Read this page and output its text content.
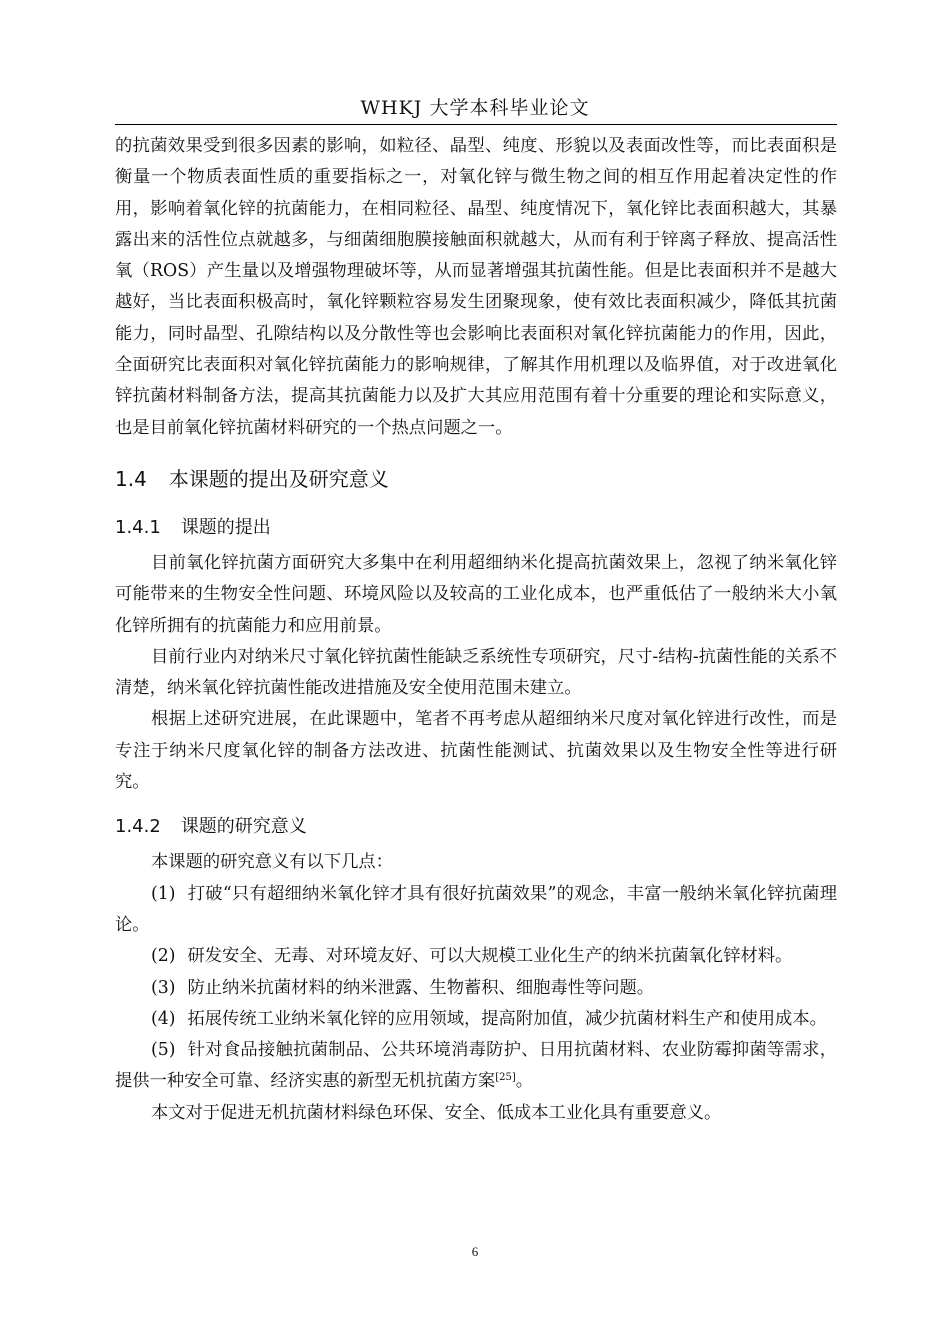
WHKJ 大学本科毕业论文

的抗菌效果受到很多因素的影响，如粒径、晶型、纯度、形貌以及表面改性等，而比表面积是衡量一个物质表面性质的重要指标之一，对氧化锌与微生物之间的相互作用起着决定性的作用，影响着氧化锌的抗菌能力，在相同粒径、晶型、纯度情况下，氧化锌比表面积越大，其暴露出来的活性位点就越多，与细菌细胞膜接触面积就越大，从而有利于锌离子释放、提高活性氧（ROS）产生量以及增强物理破坏等，从而显著增强其抗菌性能。但是比表面积并不是越大越好，当比表面积极高时，氧化锌颗粒容易发生团聚现象，使有效比表面积减少，降低其抗菌能力，同时晶型、孔隙结构以及分散性等也会影响比表面积对氧化锌抗菌能力的作用，因此，全面研究比表面积对氧化锌抗菌能力的影响规律，了解其作用机理以及临界值，对于改进氧化锌抗菌材料制备方法，提高其抗菌能力以及扩大其应用范围有着十分重要的理论和实际意义，也是目前氧化锌抗菌材料研究的一个热点问题之一。

1.4 本课题的提出及研究意义
1.4.1 课题的提出

目前氧化锌抗菌方面研究大多集中在利用超细纳米化提高抗菌效果上，忽视了纳米氧化锌可能带来的生物安全性问题、环境风险以及较高的工业化成本，也严重低估了一般纳米大小氧化锌所拥有的抗菌能力和应用前景。

目前行业内对纳米尺寸氧化锌抗菌性能缺乏系统性专项研究，尺寸-结构-抗菌性能的关系不清楚，纳米氧化锌抗菌性能改进措施及安全使用范围未建立。

根据上述研究进展，在此课题中，笔者不再考虑从超细纳米尺度对氧化锌进行改性，而是专注于纳米尺度氧化锌的制备方法改进、抗菌性能测试、抗菌效果以及生物安全性等进行研究。

1.4.2 课题的研究意义

本课题的研究意义有以下几点：

(1) 打破“只有超细纳米氧化锌才具有很好抗菌效果”的观念，丰富一般纳米氧化锌抗菌理论。

(2) 研发安全、无毒、对环境友好、可以大规模工业化生产的纳米抗菌氧化锌材料。

(3) 防止纳米抗菌材料的纳米泄露、生物蓄积、细胞毒性等问题。

(4) 拓展传统工业纳米氧化锌的应用领域，提高附加值，减少抗菌材料生产和使用成本。

(5) 针对食品接触抗菌制品、公共环境消毒防护、日用抗菌材料、农业防霉抑菌等需求，提供一种安全可靠、经济实惠的新型无机抗菌方案[25]。

本文对于促进无机抗菌材料绿色环保、安全、低成本工业化具有重要意义。

6
